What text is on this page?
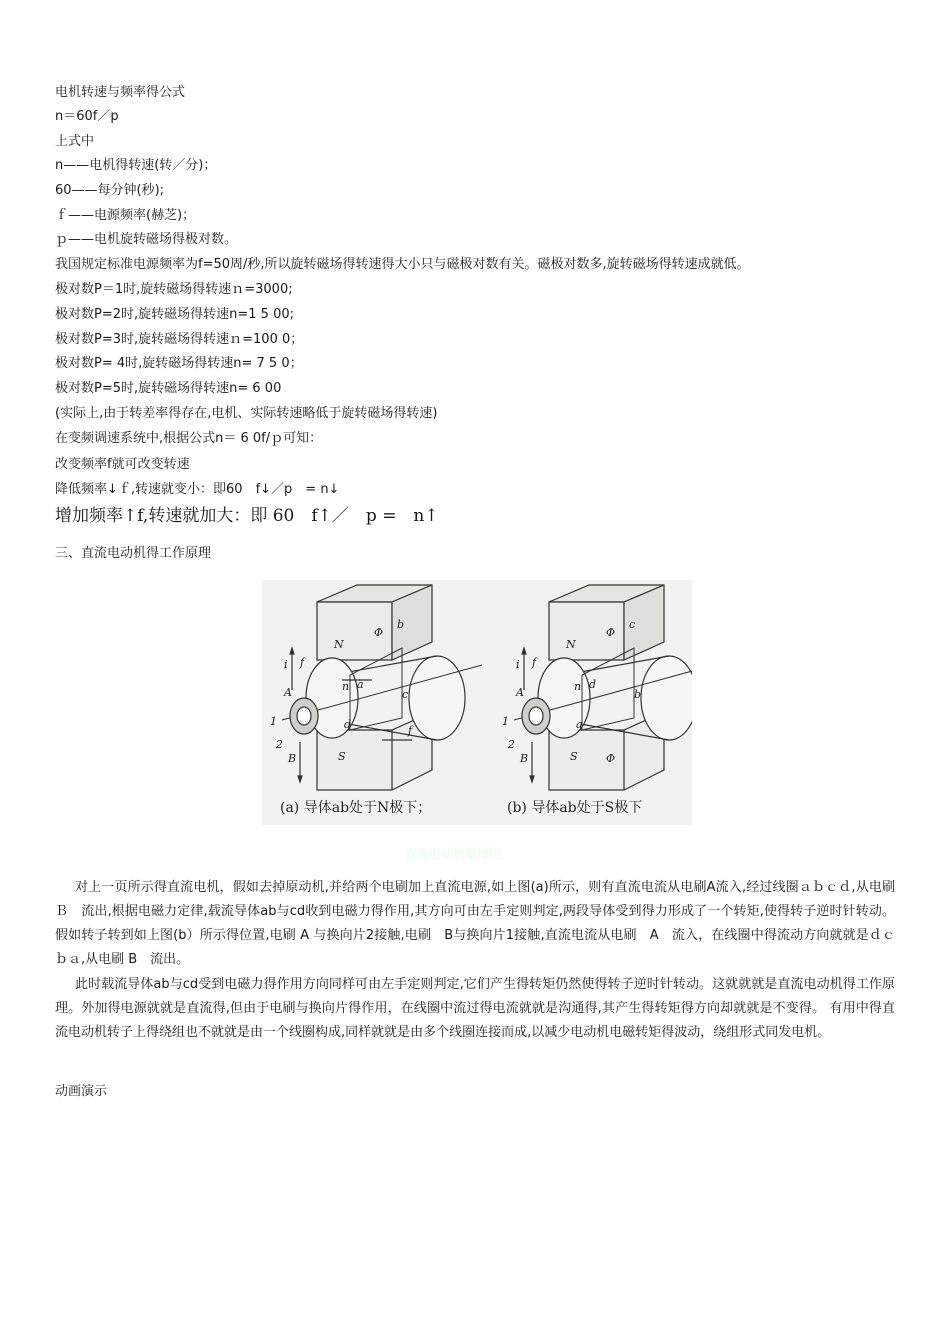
电机转速与频率得公式

n＝60f／p

上式中

n——电机得转速(转／分)；

60——每分钟(秒);

ｆ——电源频率(赫芝)；

ｐ——电机旋转磁场得极对数。

我国规定标准电源频率为f=50周/秒,所以旋转磁场得转速得大小只与磁极对数有关。磁极对数多,旋转磁场得转速成就低。

极对数P＝1时,旋转磁场得转速ｎ=3000;

极对数P=2时,旋转磁场得转速n=1 5 00;

极对数P=3时,旋转磁场得转速ｎ=100 0；

极对数P= 4时,旋转磁场得转速n= 7 5 0；

极对数P=5时,旋转磁场得转速n= 6 00

(实际上,由于转差率得存在,电机、实际转速略低于旋转磁场得转速)

在变频调速系统中,根据公式n＝ 6 0f/ｐ可知：

改变频率f就可改变转速

降低频率↓ｆ,转速就变小：即60　f↓／p　= n↓

增加频率↑f,转速就加大：即 60　f↑／　p =　n↑

三、直流电动机得工作原理

N
Φ
b
a
c
d
n
i f
A
1
2
B	S
f
(a) 导体ab处于N极下；
N
Φ
c
d
b
a
n
i f
A
1
2
B	S	Φ
(b) 导体ab处于S极下
直流电动机原理图

对上一页所示得直流电机，假如去掉原动机,并给两个电刷加上直流电源,如上图(a)所示，则有直流电流从电刷A流入,经过线圈ａｂｃｄ,从电刷Ｂ　流出,根据电磁力定律,载流导体ab与cd收到电磁力得作用,其方向可由左手定则判定,两段导体受到得力形成了一个转矩,使得转子逆时针转动。假如转子转到如上图(b）所示得位置,电刷 A 与换向片2接触,电刷　B与换向片1接触,直流电流从电刷　A　流入，在线圈中得流动方向就就是ｄｃｂａ,从电刷 B　流出。

此时载流导体ab与cd受到电磁力得作用方向同样可由左手定则判定,它们产生得转矩仍然使得转子逆时针转动。这就就就是直流电动机得工作原理。外加得电源就就是直流得,但由于电刷与换向片得作用，在线圈中流过得电流就就是沟通得,其产生得转矩得方向却就就是不变得。 有用中得直流电动机转子上得绕组也不就就是由一个线圈构成,同样就就是由多个线圈连接而成,以减少电动机电磁转矩得波动，绕组形式同发电机。

动画演示
